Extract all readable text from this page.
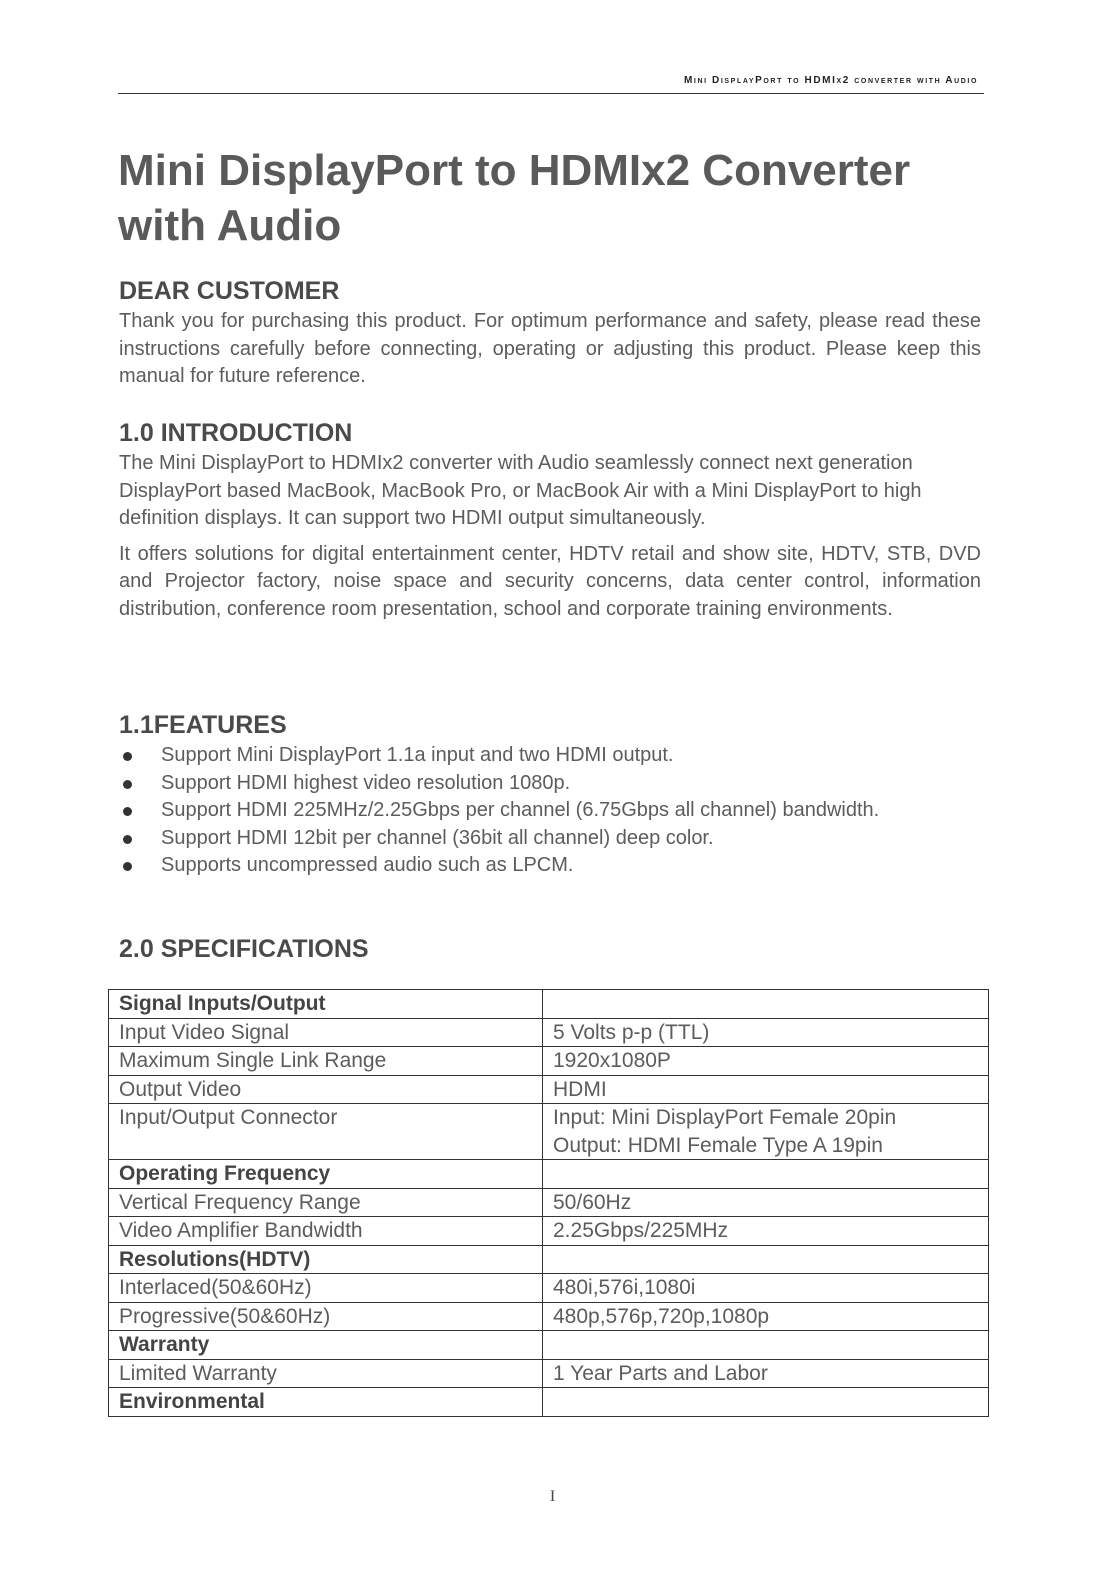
Mini DisplayPort to HDMIx2 converter with Audio
Mini DisplayPort to HDMIx2 Converter with Audio
DEAR CUSTOMER

Thank you for purchasing this product. For optimum performance and safety, please read these instructions carefully before connecting, operating or adjusting this product. Please keep this manual for future reference.

1.0 INTRODUCTION

The Mini DisplayPort to HDMIx2 converter with Audio seamlessly connect next generation DisplayPort based MacBook, MacBook Pro, or MacBook Air with a Mini DisplayPort to high definition displays. It can support two HDMI output simultaneously.

It offers solutions for digital entertainment center, HDTV retail and show site, HDTV, STB, DVD and Projector factory, noise space and security concerns, data center control, information distribution, conference room presentation, school and corporate training environments.

1.1FEATURES
Support Mini DisplayPort 1.1a input and two HDMI output.
Support HDMI highest video resolution 1080p.
Support HDMI 225MHz/2.25Gbps per channel (6.75Gbps all channel) bandwidth.
Support HDMI 12bit per channel (36bit all channel) deep color.
Supports uncompressed audio such as LPCM.
2.0 SPECIFICATIONS
Signal Inputs/Output	
Input Video Signal	5 Volts p-p (TTL)
Maximum Single Link Range	1920x1080P
Output Video	HDMI
Input/Output Connector	Input: Mini DisplayPort Female 20pin
Output: HDMI Female Type A 19pin

Operating Frequency	
Vertical Frequency Range	50/60Hz
Video Amplifier Bandwidth	2.25Gbps/225MHz
Resolutions(HDTV)	
Interlaced(50&60Hz)	480i,576i,1080i
Progressive(50&60Hz)	480p,576p,720p,1080p
Warranty	
Limited Warranty	1 Year Parts and Labor
Environmental	
I
